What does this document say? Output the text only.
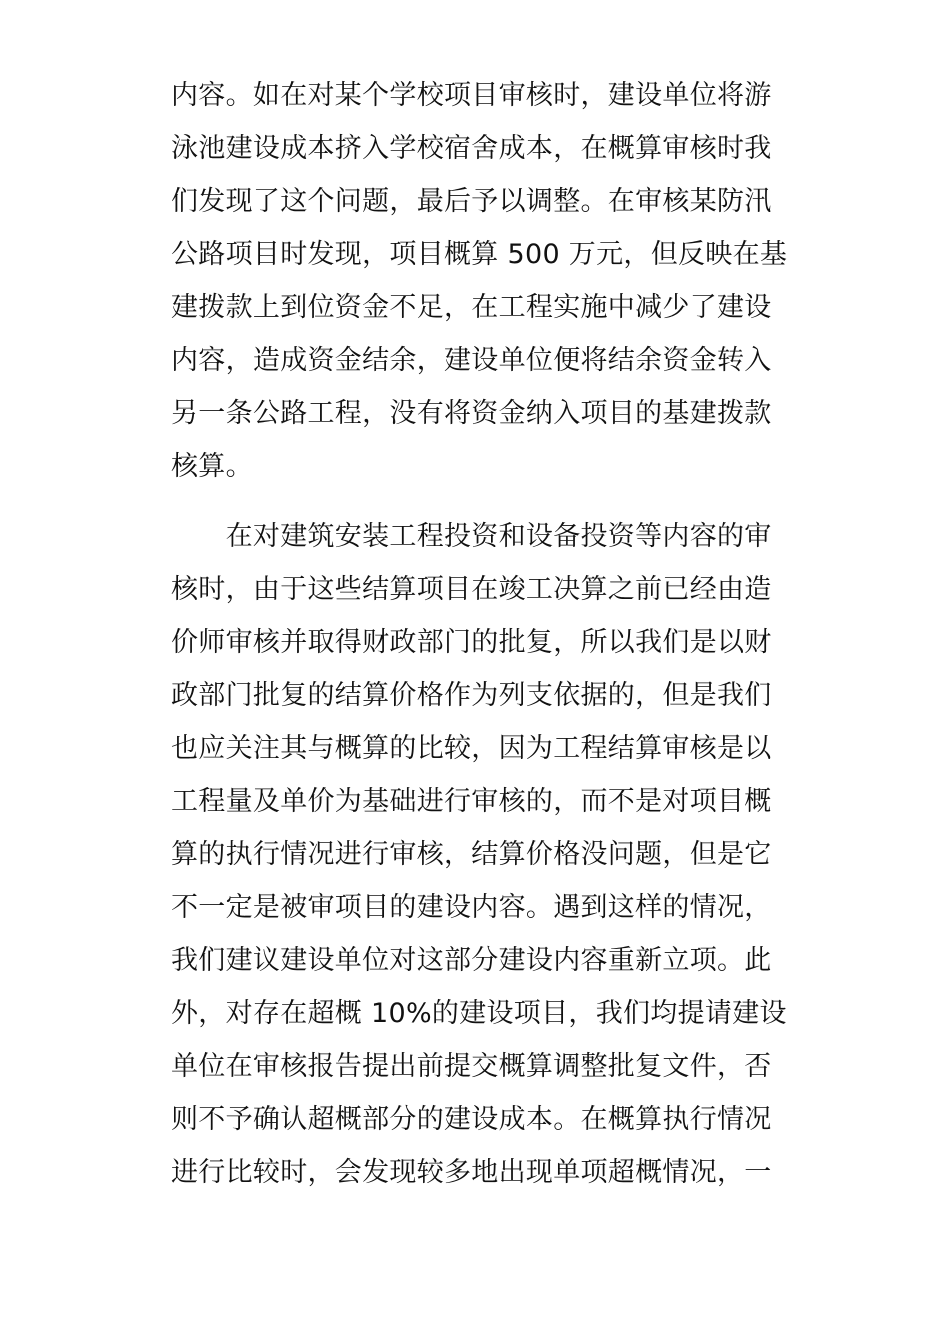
内容。如在对某个学校项目审核时，建设单位将游
泳池建设成本挤入学校宿舍成本，在概算审核时我
们发现了这个问题，最后予以调整。在审核某防汛
公路项目时发现，项目概算 500 万元，但反映在基
建拨款上到位资金不足，在工程实施中减少了建设
内容，造成资金结余，建设单位便将结余资金转入
另一条公路工程，没有将资金纳入项目的基建拨款
核算。
　　在对建筑安装工程投资和设备投资等内容的审
核时，由于这些结算项目在竣工决算之前已经由造
价师审核并取得财政部门的批复，所以我们是以财
政部门批复的结算价格作为列支依据的，但是我们
也应关注其与概算的比较，因为工程结算审核是以
工程量及单价为基础进行审核的，而不是对项目概
算的执行情况进行审核，结算价格没问题，但是它
不一定是被审项目的建设内容。遇到这样的情况，
我们建议建设单位对这部分建设内容重新立项。此
外，对存在超概 10%的建设项目，我们均提请建设
单位在审核报告提出前提交概算调整批复文件，否
则不予确认超概部分的建设成本。在概算执行情况
进行比较时，会发现较多地出现单项超概情况，一
